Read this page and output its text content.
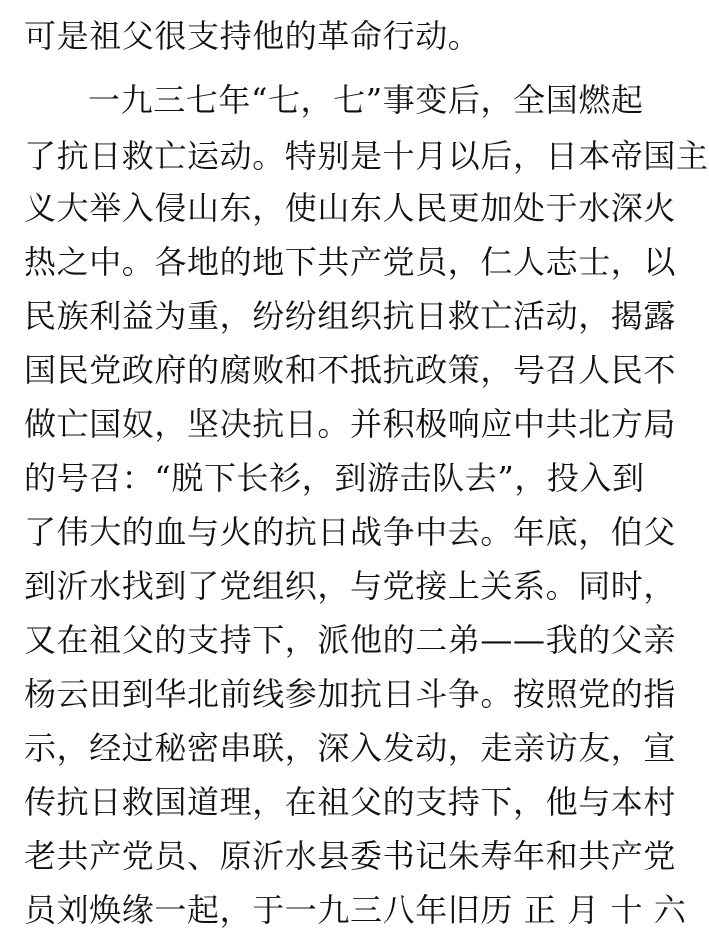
可是祖父很支持他的革命行动。
一九三七年“七，七”事变后，全国燃起
了抗日救亡运动。特别是十月以后，日本帝国主
义大举入侵山东，使山东人民更加处于水深火
热之中。各地的地下共产党员，仁人志士，以
民族利益为重，纷纷组织抗日救亡活动，揭露
国民党政府的腐败和不抵抗政策，号召人民不
做亡国奴，坚决抗日。并积极响应中共北方局
的号召：“脱下长衫，到游击队去”，投入到
了伟大的血与火的抗日战争中去。年底，伯父
到沂水找到了党组织，与党接上关系。同时，
又在祖父的支持下，派他的二弟——我的父亲
杨云田到华北前线参加抗日斗争。按照党的指
示，经过秘密串联，深入发动，走亲访友，宣
传抗日救国道理，在祖父的支持下，他与本村
老共产党员、原沂水县委书记朱寿年和共产党
员刘焕缘一起，于一九三八年旧历 正 月 十 六
